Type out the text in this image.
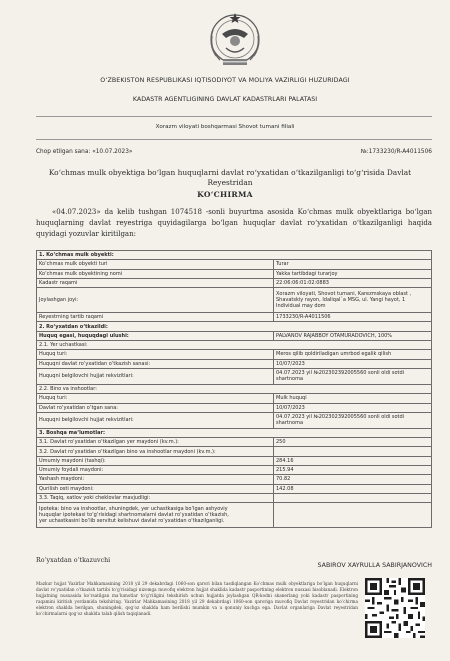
O‘ZBEKISTON RESPUBLIKASI IQTISODIYOT VA MOLIYA VAZIRLIGI HUZURIDAGI
KADASTR AGENTLIGINING DAVLAT KADASTRLARI PALATASI
Xorazm viloyati boshqarmasi Shovot tumani filiali
Chop etilgan sana: «10.07.2023»	№:1733230/R-A4011506
Ko‘chmas mulk obyektiga bo‘lgan huquqlarni davlat ro‘yxatidan o‘tkazilganligi to‘g‘risida Davlat Reyestridan
KO‘CHIRMA
«04.07.2023» da kelib tushgan 1074518 -sonli buyurtma asosida Ko‘chmas mulk obyektlariga bo‘lgan huquqlarning davlat reyestriga quyidagilarga bo‘lgan huquqlar davlat ro‘yxatidan o‘tkazilganligi haqida quyidagi yozuvlar kiritilgan:
1. Ko‘chmas mulk obyekti:	
Ko‘chmas mulk obyekti turi	Turar
Ko‘chmas mulk obyektining nomi	Yakka tartibdagi turarjoy
Kadastr raqami	22:06:06:01:02:0883
Joylashgan joyi:	Xorazm viloyati, Shovot tumani, Karezmskaya oblast ,
Shavatskiy rayon, Idaliqal`a MSG, ul. Yangi hayot, 1
Individual may dom

Reyestrning tartib raqami	1733230/R-A4011506
2. Ro‘yxatdan o‘tkazildi:	
Huquq egasi, huquqdagi ulushi:	PALVANOV RAJABBOY OTAMURADOVICH, 100%
2.1. Yer uchastkasi:	
Huquq turi:	Meros qilib qoldiriladigan umrbod egalik qilish
Huquqni davlat ro‘yxatidan o‘tkazish sanasi:	10/07/2023
Huquqni belgilovchi hujjat rekvizitlari:	04.07.2023 yil №202302392005560 sonli oldi sotdi
shartnoma

2.2. Bino va inshootlar:	
Huquq turi:	Mulk huquqi
Davlat ro‘yxatidan o‘tgan sana:	10/07/2023
Huquqni belgilovchi hujjat rekvizitlari:	04.07.2023 yil №202302392005560 sonli oldi sotdi
shartnoma

3. Boshqa ma‘lumotlar:	
3.1. Davlat ro‘yxatidan o‘tkazilgan yer maydoni (kv.m.):	250
3.2. Davlat ro‘yxatidan o‘tkazilgan bino va inshootlar maydoni (kv.m.):	
Umumiy maydoni (tashqi):	284.16
Umumiy foydali maydoni:	215.94
Yashash maydoni:	70.82
Qurilish osti maydoni:	142.08
3.3. Taqiq, xatlov yoki cheklovlar mavjudligi:	

Ipoteka: bino va inshootlar, shuningdek, yer uchastkasiga bo‘lgan ashyoviy
huquqlar ipotekasi to‘g‘risidagi shartnomalarni davlat ro‘yxatidan o‘tkazish,
yer uchastkasini bo‘lib servitut kelishuvi davlat ro‘yxatidan o‘tkazilganligi.	

Ro‘yxatdan o‘tkazuvchi
SABIROV XAYRULLA SABIRJANOVICH
Mazkur hujjat Vazirlar Mahkamasining 2018 yil 29 dekabrdagi 1060-son qarori bilan tasdiqlangan Ko‘chmas mulk obyektlariga bo‘lgan huquqlarni davlat ro‘yxatidan o‘tkazish tartibi to‘g‘risidagi nizomga muvofiq elektron hujjat shaklida kadastr pasportining elektron nusxasi hisoblanadi. Elektron hujjatning nusxasida ko‘rsatilgan ma‘lumotlar to‘g‘riligini tekshirish uchun hujjatda joylashgan QR-kodni skanerlang yoki kadastr pasportining raqamini kiritish yordamida tekshiring. Vazirlar Mahkamasining 2018 yil 29 dekabrdagi 1060-son qaroriga muvofiq Davlat reyestridan ko‘chirma elektron shaklda berilgan, shuningdek, qog‘oz shaklda ham berilishi mumkin va u qonuniy kuchga ega. Davlat organlariga Davlat reyestridan ko‘chirmalarni qog‘oz shaklda talab qilish taqiqlanadi.
